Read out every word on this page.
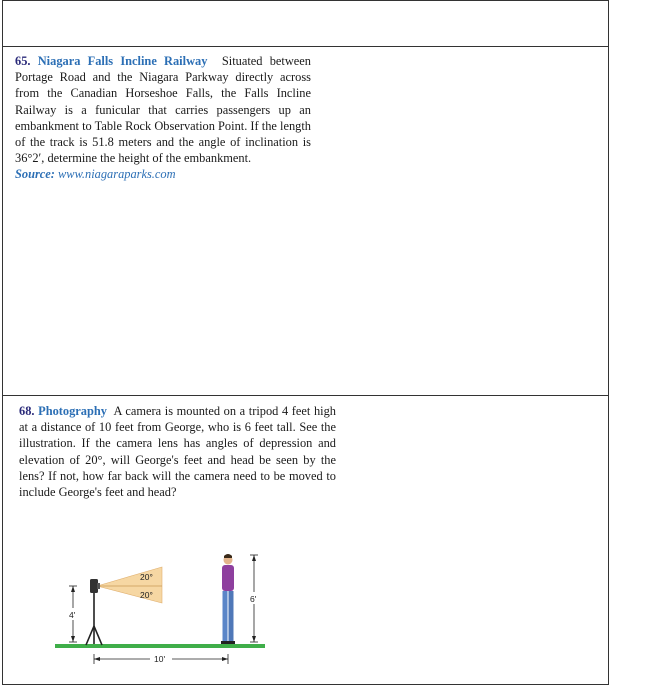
65. Niagara Falls Incline Railway Situated between Portage Road and the Niagara Parkway directly across from the Canadian Horseshoe Falls, the Falls Incline Railway is a funicular that carries passengers up an embankment to Table Rock Observation Point. If the length of the track is 51.8 meters and the angle of inclination is 36°2′, determine the height of the embankment.
Source: www.niagaraparks.com
68. Photography A camera is mounted on a tripod 4 feet high at a distance of 10 feet from George, who is 6 feet tall. See the illustration. If the camera lens has angles of depression and elevation of 20°, will George's feet and head be seen by the lens? If not, how far back will the camera need to be moved to include George's feet and head?
20°
20°
4'
6'
10'
